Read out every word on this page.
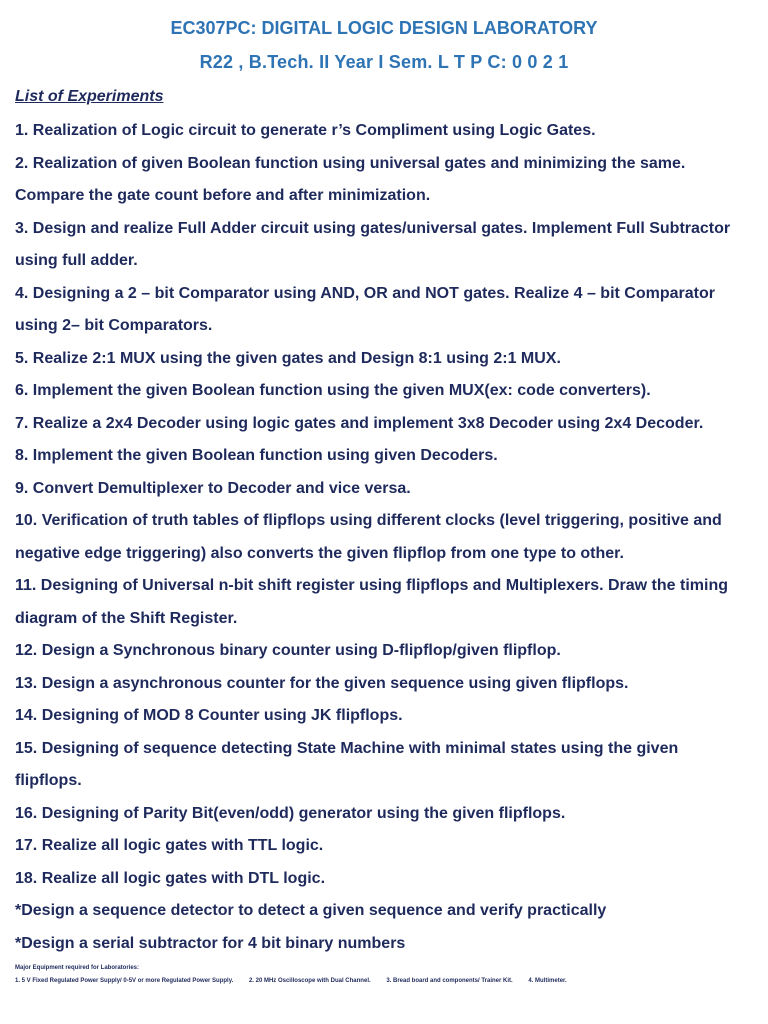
EC307PC: DIGITAL LOGIC DESIGN LABORATORY
R22 , B.Tech. II Year I Sem. L T P C: 0 0 2 1
List of Experiments
1. Realization of Logic circuit to generate r’s Compliment using Logic Gates.
2. Realization of given Boolean function using universal gates and minimizing the same.
Compare the gate count before and after minimization.
3. Design and realize Full Adder circuit using gates/universal gates. Implement Full Subtractor
using full adder.
4. Designing a 2 – bit Comparator using AND, OR and NOT gates. Realize 4 – bit Comparator
using 2– bit Comparators.
5. Realize 2:1 MUX using the given gates and Design 8:1 using 2:1 MUX.
6. Implement the given Boolean function using the given MUX(ex: code converters).
7. Realize a 2x4 Decoder using logic gates and implement 3x8 Decoder using 2x4 Decoder.
8. Implement the given Boolean function using given Decoders.
9. Convert Demultiplexer to Decoder and vice versa.
10. Verification of truth tables of flipflops using different clocks (level triggering, positive and
negative edge triggering) also converts the given flipflop from one type to other.
11. Designing of Universal n-bit shift register using flipflops and Multiplexers. Draw the timing
diagram of the Shift Register.
12. Design a Synchronous binary counter using D-flipflop/given flipflop.
13. Design a asynchronous counter for the given sequence using given flipflops.
14. Designing of MOD 8 Counter using JK flipflops.
15. Designing of sequence detecting State Machine with minimal states using the given
flipflops.
16. Designing of Parity Bit(even/odd) generator using the given flipflops.
17. Realize all logic gates with TTL logic.
18. Realize all logic gates with DTL logic.
*Design a sequence detector to detect a given sequence and verify practically
*Design a serial subtractor for 4 bit binary numbers
Major Equipment required for Laboratories:
1. 5 V Fixed Regulated Power Supply/ 0-5V or more Regulated Power Supply.	2. 20 MHz Oscilloscope with Dual Channel.	3. Bread board and components/ Trainer Kit.	4. Multimeter.
